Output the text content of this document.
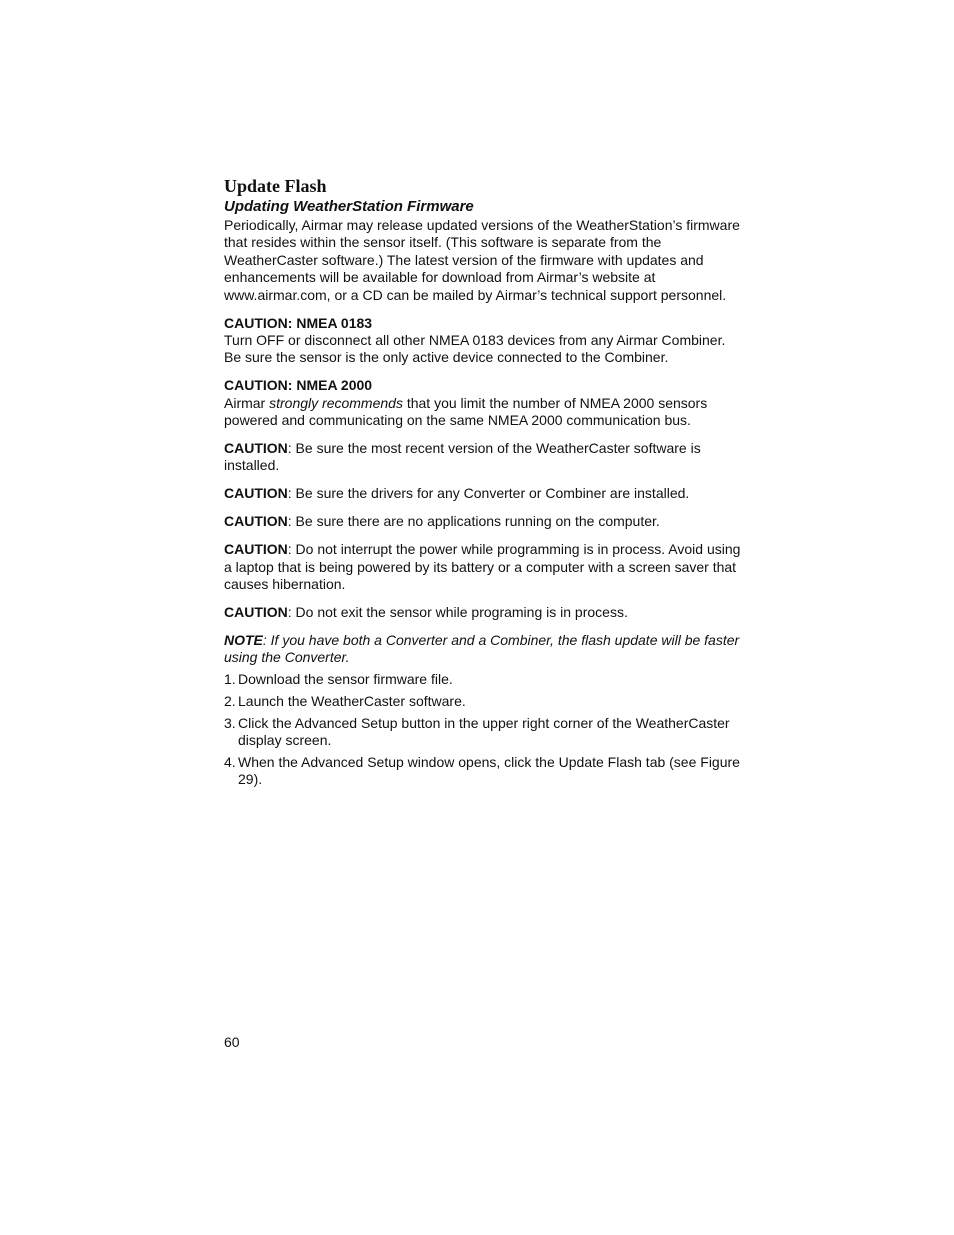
Update Flash
Updating WeatherStation Firmware

Periodically, Airmar may release updated versions of the WeatherStation’s firmware that resides within the sensor itself. (This software is separate from the WeatherCaster software.) The latest version of the firmware with updates and enhancements will be available for download from Airmar’s website at www.airmar.com, or a CD can be mailed by Airmar’s technical support personnel.

CAUTION: NMEA 0183

Turn OFF or disconnect all other NMEA 0183 devices from any Airmar Combiner. Be sure the sensor is the only active device connected to the Combiner.

CAUTION: NMEA 2000

Airmar strongly recommends that you limit the number of NMEA 2000 sensors powered and communicating on the same NMEA 2000 communication bus.

CAUTION: Be sure the most recent version of the WeatherCaster software is installed.

CAUTION: Be sure the drivers for any Converter or Combiner are installed.

CAUTION: Be sure there are no applications running on the computer.

CAUTION: Do not interrupt the power while programming is in process. Avoid using a laptop that is being powered by its battery or a computer with a screen saver that causes hibernation.

CAUTION: Do not exit the sensor while programing is in process.

NOTE: If you have both a Converter and a Combiner, the flash update will be faster using the Converter.

1. Download the sensor firmware file.
2. Launch the WeatherCaster software.
3. Click the Advanced Setup button in the upper right corner of the WeatherCaster display screen.
4. When the Advanced Setup window opens, click the Update Flash tab (see Figure 29).
60
